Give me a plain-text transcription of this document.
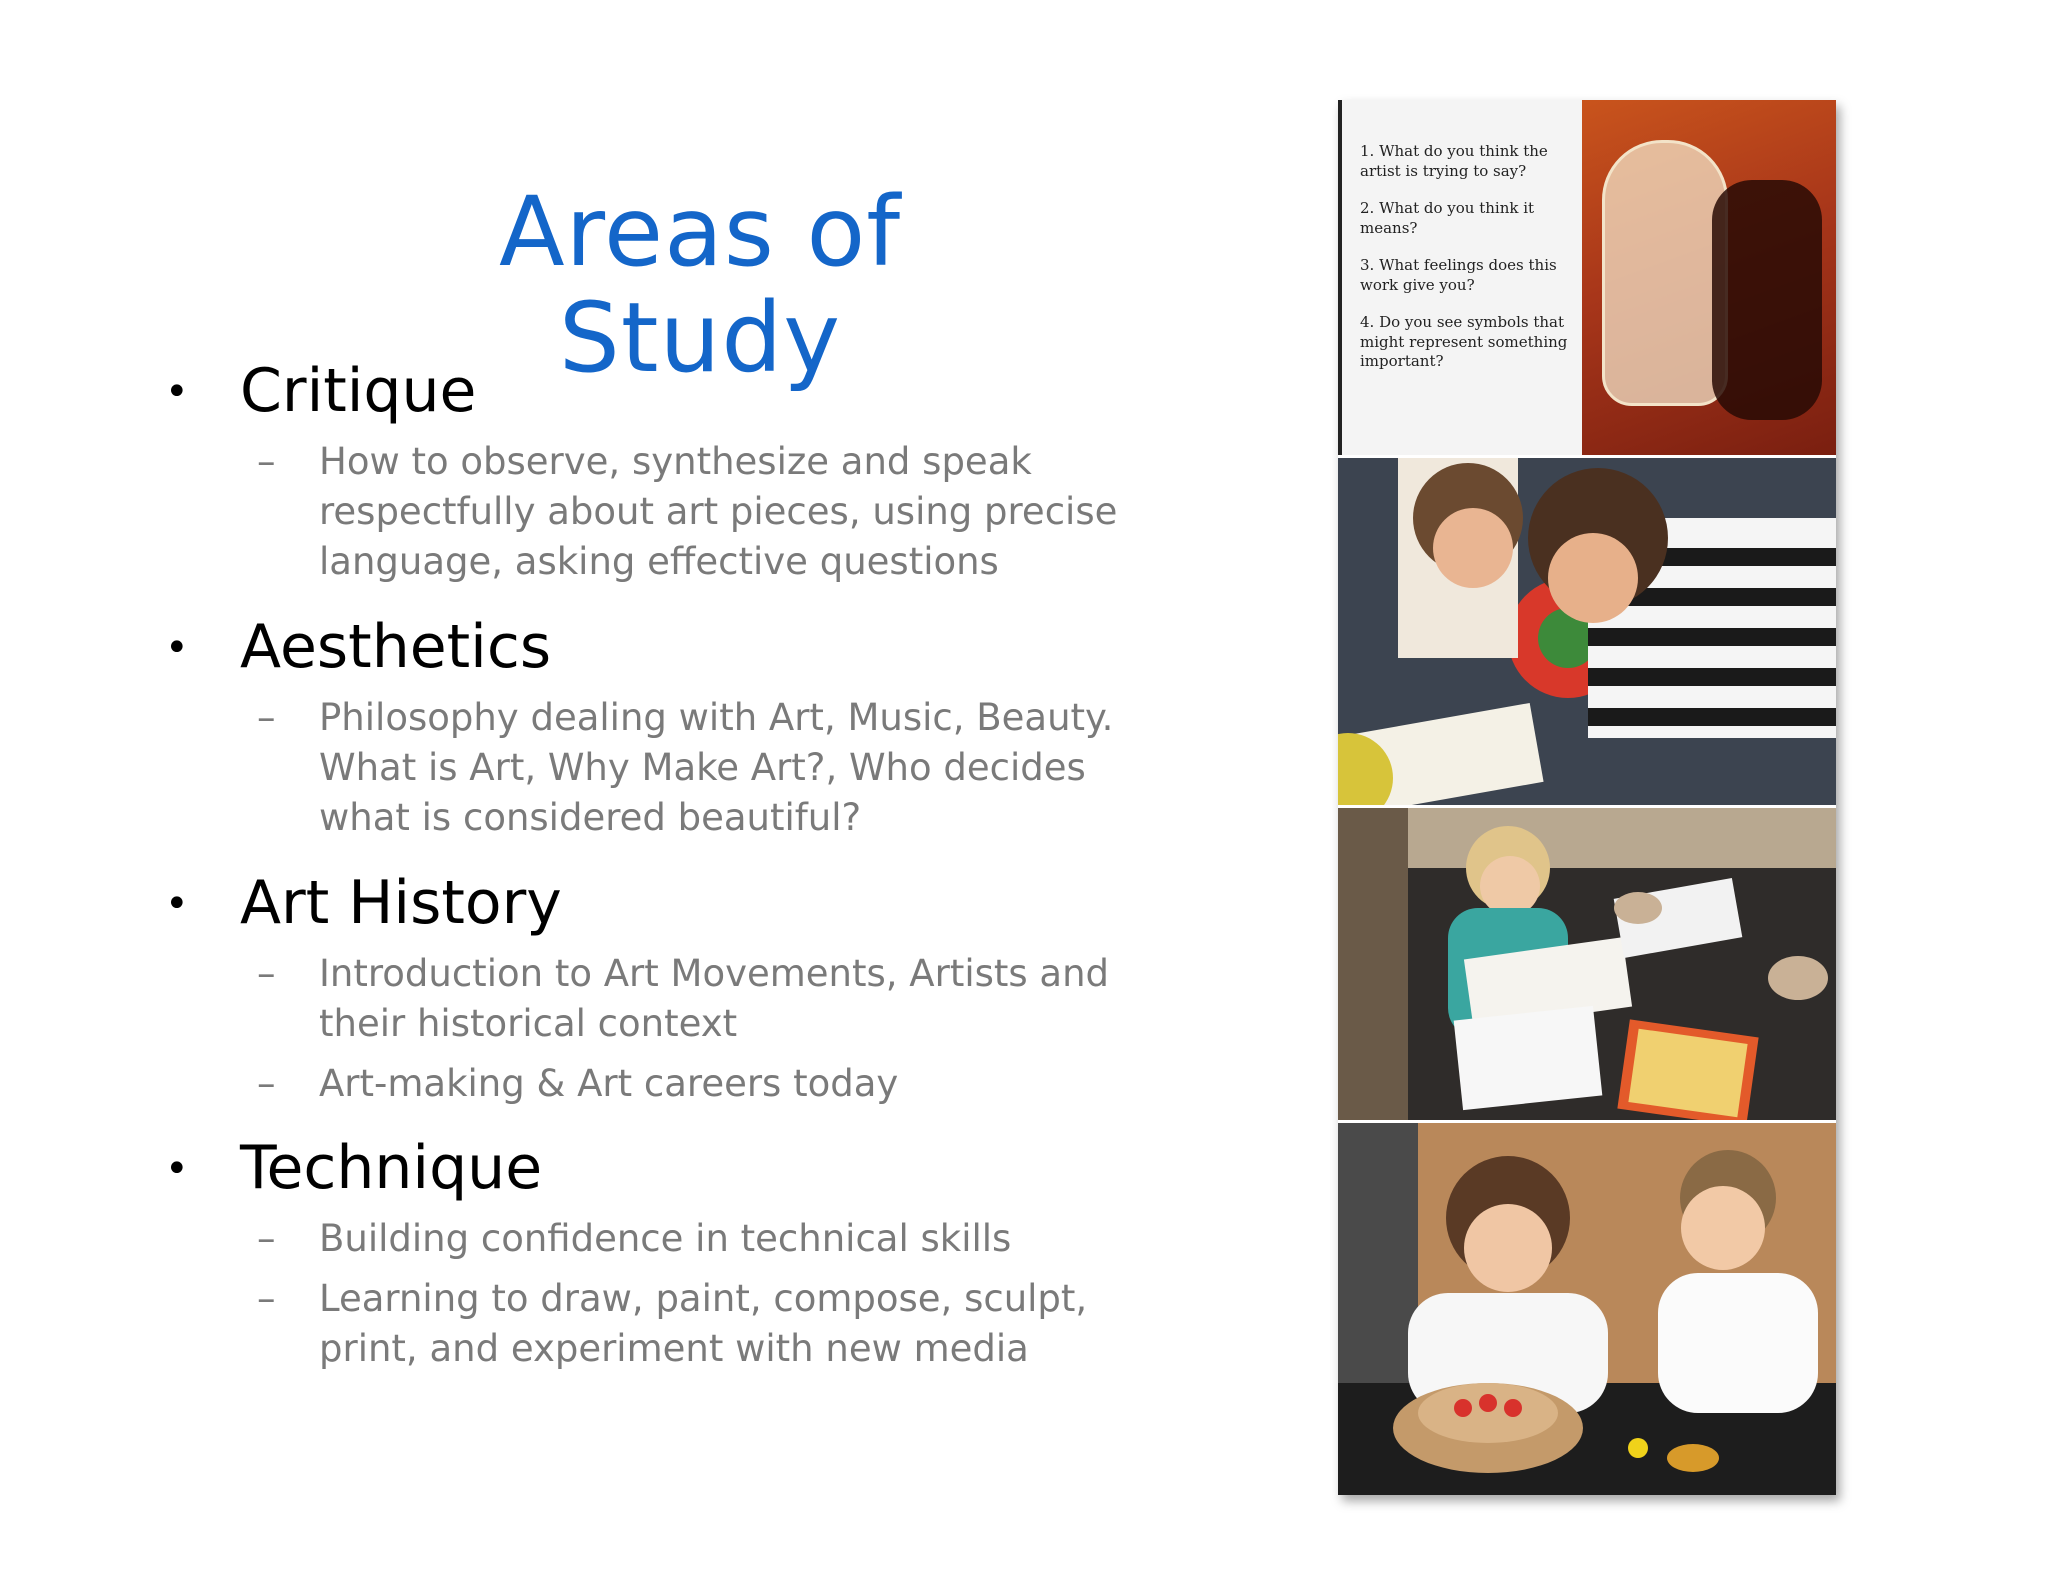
Areas of Study
• Critique
–	How to observe, synthesize and speak respectfully about art pieces, using precise language, asking effective questions
• Aesthetics
–	Philosophy dealing with Art, Music, Beauty. What is Art, Why Make Art?, Who decides what is considered beautiful?
• Art History
–	Introduction to Art Movements, Artists and their historical context
–	Art-making & Art careers today
• Technique
–	Building confidence in technical skills
–	Learning to draw, paint, compose, sculpt, print, and experiment with new media
1. What do you think the artist is trying to say?
2. What do you think it means?
3. What feelings does this work give you?
4. Do you see symbols that might represent something important?
